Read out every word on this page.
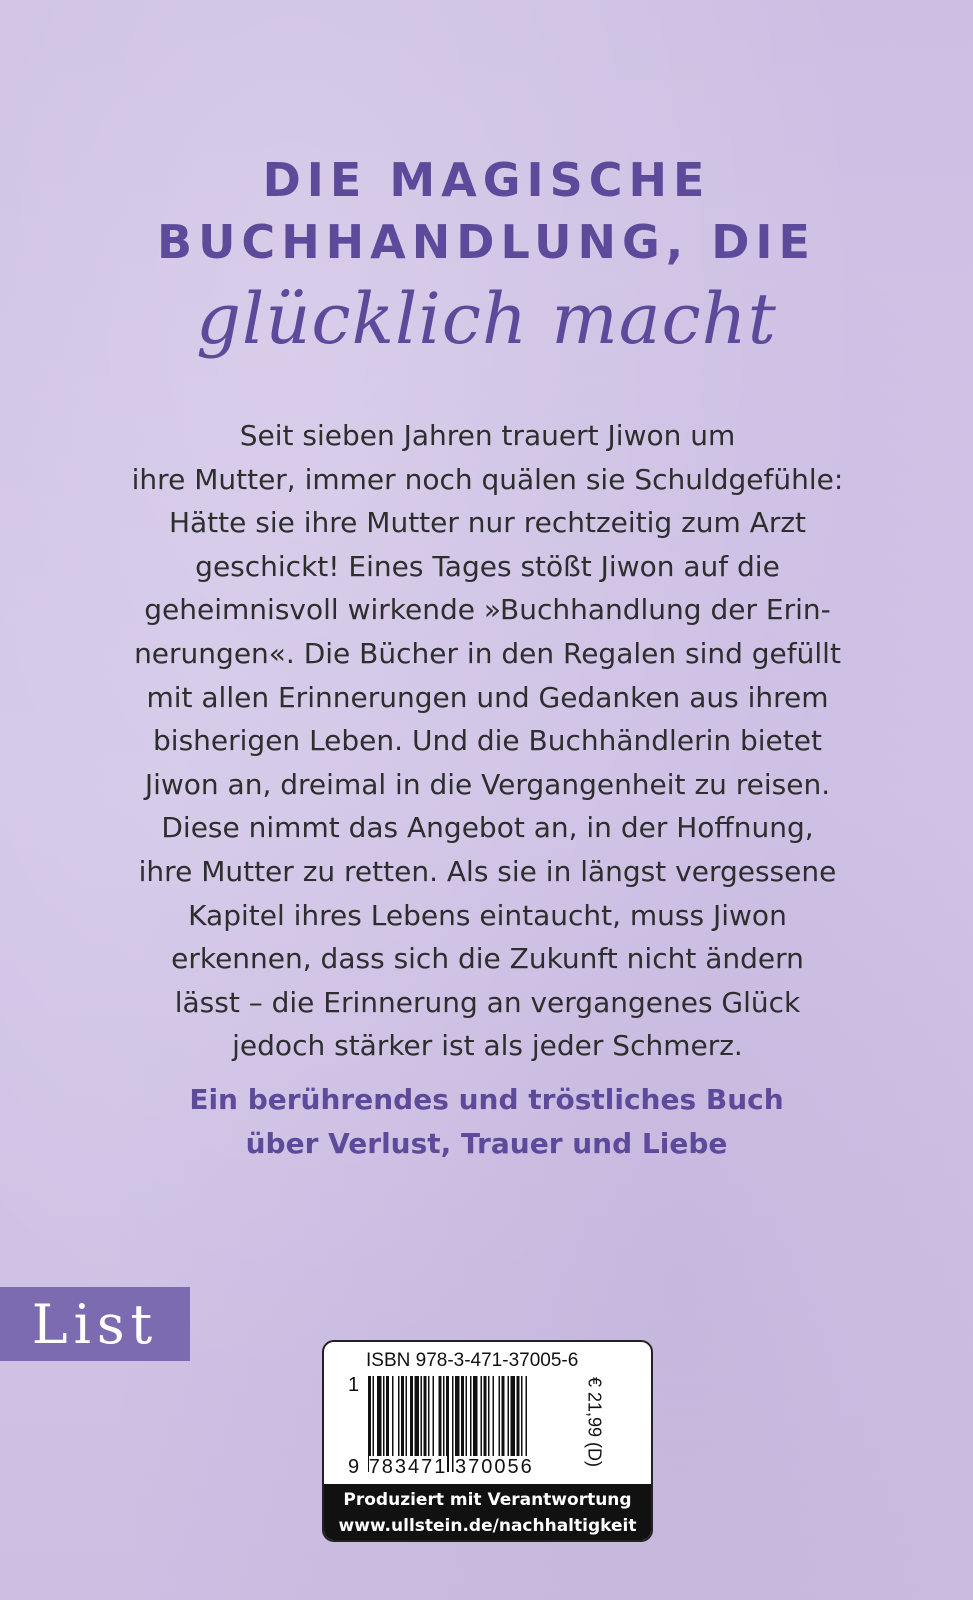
DIE MAGISCHE
BUCHHANDLUNG, DIE
glücklich macht
Seit sieben Jahren trauert Jiwon um
ihre Mutter, immer noch quälen sie Schuldgefühle:
Hätte sie ihre Mutter nur rechtzeitig zum Arzt
geschickt! Eines Tages stößt Jiwon auf die
geheimnisvoll wirkende »Buchhandlung der Erin-
nerungen«. Die Bücher in den Regalen sind gefüllt
mit allen Erinnerungen und Gedanken aus ihrem
bisherigen Leben. Und die Buchhändlerin bietet
Jiwon an, dreimal in die Vergangenheit zu reisen.
Diese nimmt das Angebot an, in der Hoffnung,
ihre Mutter zu retten. Als sie in längst vergessene
Kapitel ihres Lebens eintaucht, muss Jiwon
erkennen, dass sich die Zukunft nicht ändern
lässt – die Erinnerung an vergangenes Glück
jedoch stärker ist als jeder Schmerz.
Ein berührendes und tröstliches Buch
über Verlust, Trauer und Liebe
List
ISBN 978-3-471-37005-6
1
9 783471 370056	€ 21,99 (D)
Produziert mit Verantwortung
www.ullstein.de/nachhaltigkeit
